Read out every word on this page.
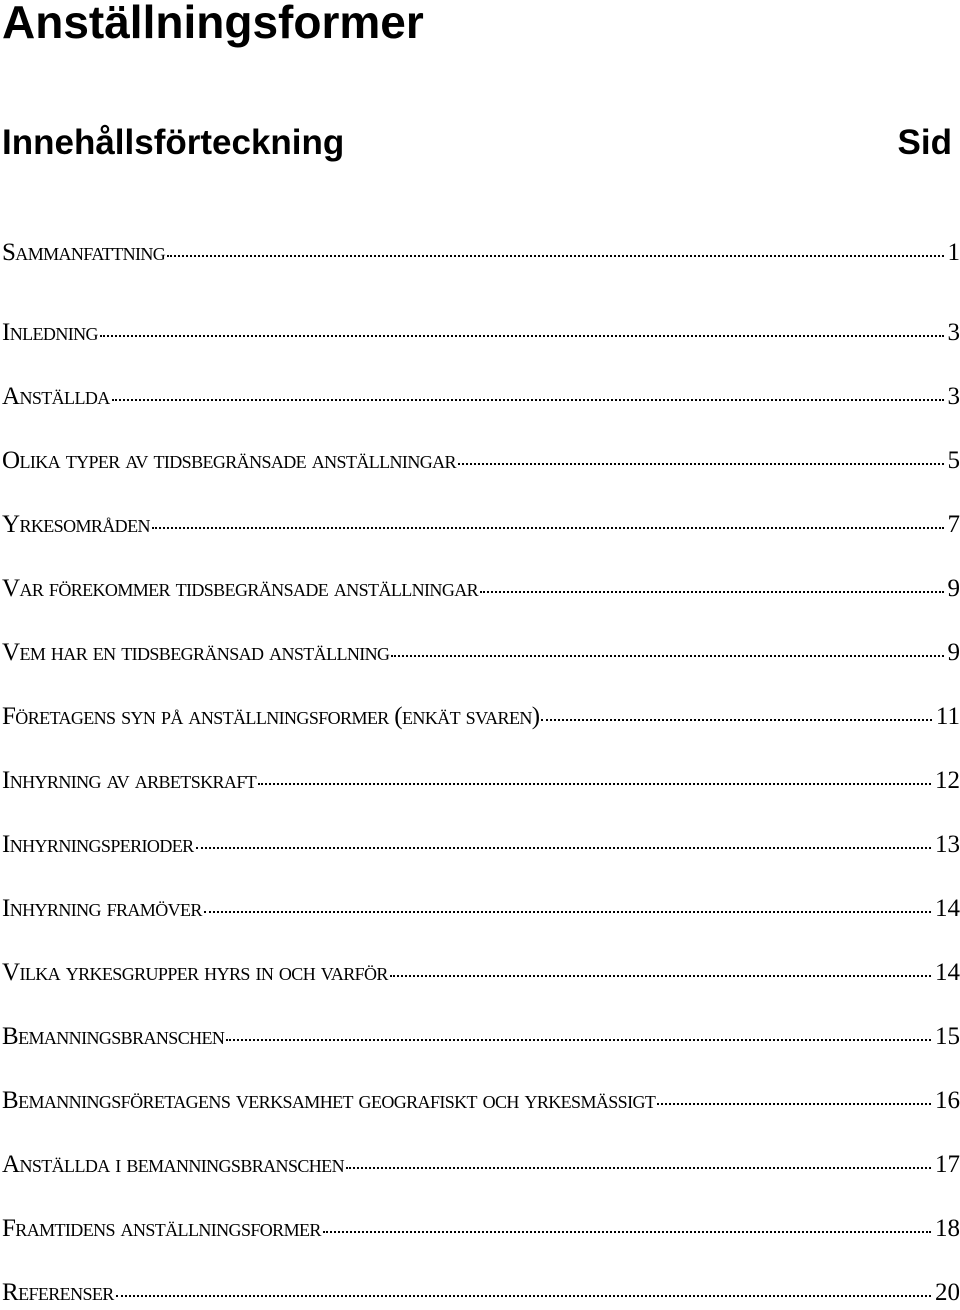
Anställningsformer
Innehållsförteckning	Sid
Sammanfattning	1
Inledning	3
Anställda	3
Olika typer av tidsbegränsade anställningar	5
Yrkesområden	7
Var förekommer tidsbegränsade anställningar	9
Vem har en tidsbegränsad anställning	9
Företagens syn på anställningsformer (enkät svaren)	11
Inhyrning av arbetskraft	12
Inhyrningsperioder	13
Inhyrning framöver	14
Vilka yrkesgrupper hyrs in och varför	14
Bemanningsbranschen	15
Bemanningsföretagens verksamhet geografiskt och yrkesmässigt	16
Anställda i bemanningsbranschen	17
Framtidens anställningsformer	18
Referenser	20
